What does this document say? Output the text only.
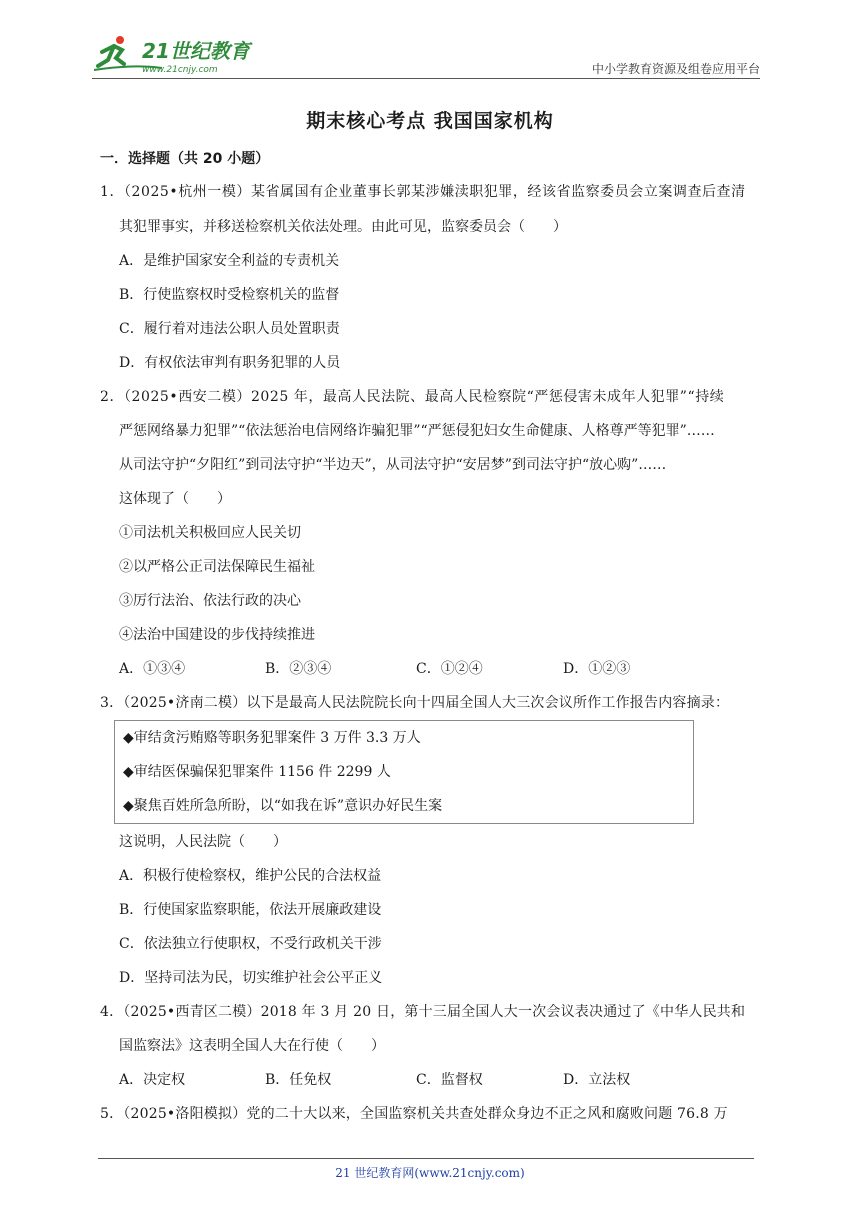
21世纪教育
www.21cnjy.com	中小学教育资源及组卷应用平台
期末核心考点 我国国家机构
一．选择题（共 20 小题）
1．（2025•杭州一模）某省属国有企业董事长郭某涉嫌渎职犯罪，经该省监察委员会立案调查后查清
其犯罪事实，并移送检察机关依法处理。由此可见，监察委员会（　　）
A．是维护国家安全利益的专责机关
B．行使监察权时受检察机关的监督
C．履行着对违法公职人员处置职责
D．有权依法审判有职务犯罪的人员
2．（2025•西安二模）2025 年，最高人民法院、最高人民检察院“严惩侵害未成年人犯罪”“持续
严惩网络暴力犯罪”“依法惩治电信网络诈骗犯罪”“严惩侵犯妇女生命健康、人格尊严等犯罪”……
从司法守护“夕阳红”到司法守护“半边天”，从司法守护“安居梦”到司法守护“放心购”……
这体现了（　　）
①司法机关积极回应人民关切
②以严格公正司法保障民生福祉
③厉行法治、依法行政的决心
④法治中国建设的步伐持续推进
A．①③④	B．②③④	C．①②④	D．①②③
3．（2025•济南二模）以下是最高人民法院院长向十四届全国人大三次会议所作工作报告内容摘录：
◆审结贪污贿赂等职务犯罪案件 3 万件 3.3 万人
◆审结医保骗保犯罪案件 1156 件 2299 人
◆聚焦百姓所急所盼，以“如我在诉”意识办好民生案
这说明，人民法院（　　）
A．积极行使检察权，维护公民的合法权益
B．行使国家监察职能，依法开展廉政建设
C．依法独立行使职权，不受行政机关干涉
D．坚持司法为民，切实维护社会公平正义
4．（2025•西青区二模）2018 年 3 月 20 日，第十三届全国人大一次会议表决通过了《中华人民共和
国监察法》这表明全国人大在行使（　　）
A．决定权	B．任免权	C．监督权	D．立法权
5．（2025•洛阳模拟）党的二十大以来，全国监察机关共查处群众身边不正之风和腐败问题 76.8 万
21 世纪教育网(www.21cnjy.com)
